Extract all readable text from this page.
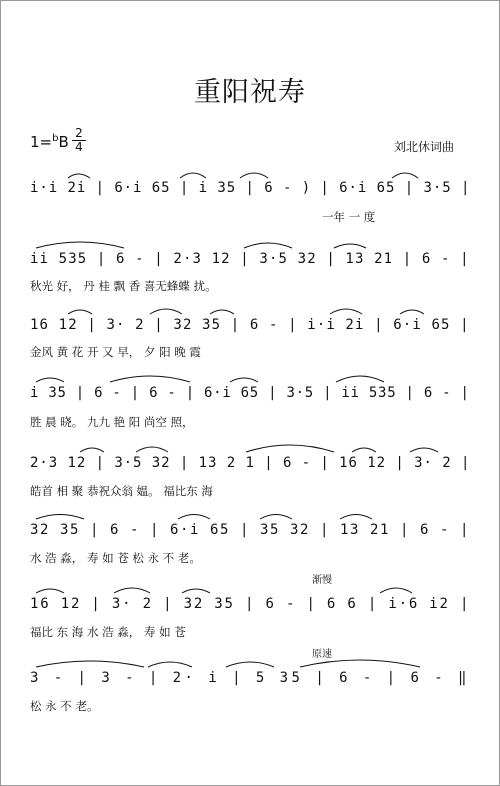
重阳祝寿
1=$^b$B 2
4	刘北休词曲
i·i 2i | 6·i 65 | i 35 | 6 - ) | 6·i 65 | 3·5 |
一年 一 度
ii 535 | 6 - | 2·3 12 | 3·5 32 | 13 21 | 6 - |
秋光 好， 丹 桂 飘 香 喜无蜂蝶 扰。
16 12 | 3· 2 | 32 35 | 6 - | i·i 2i | 6·i 65 |
金风 黄 花 开 又 早， 夕 阳 晚 霞
i 35 | 6 - | 6 - | 6·i 65 | 3·5 | ii 535 | 6 - |
胜 晨 晓。 九九 艳 阳 尚空 照，
2·3 12 | 3·5 32 | 13 2 1 | 6 - | 16 12 | 3· 2 |
皓首 相 聚 恭祝众翁 媪。 福比东 海
32 35 | 6 - | 6·i 65 | 35 32 | 13 21 | 6 - |
水 浩 淼， 寿 如 苍 松 永 不 老。
渐慢
16 12 | 3· 2 | 32 35 | 6 - | 6 6 | i·6 i2 |
福比 东 海 水 浩 淼， 寿 如 苍
原速
3 - | 3 - | 2· i | 5 35 | 6 - | 6 - ‖
松 永 不 老。
